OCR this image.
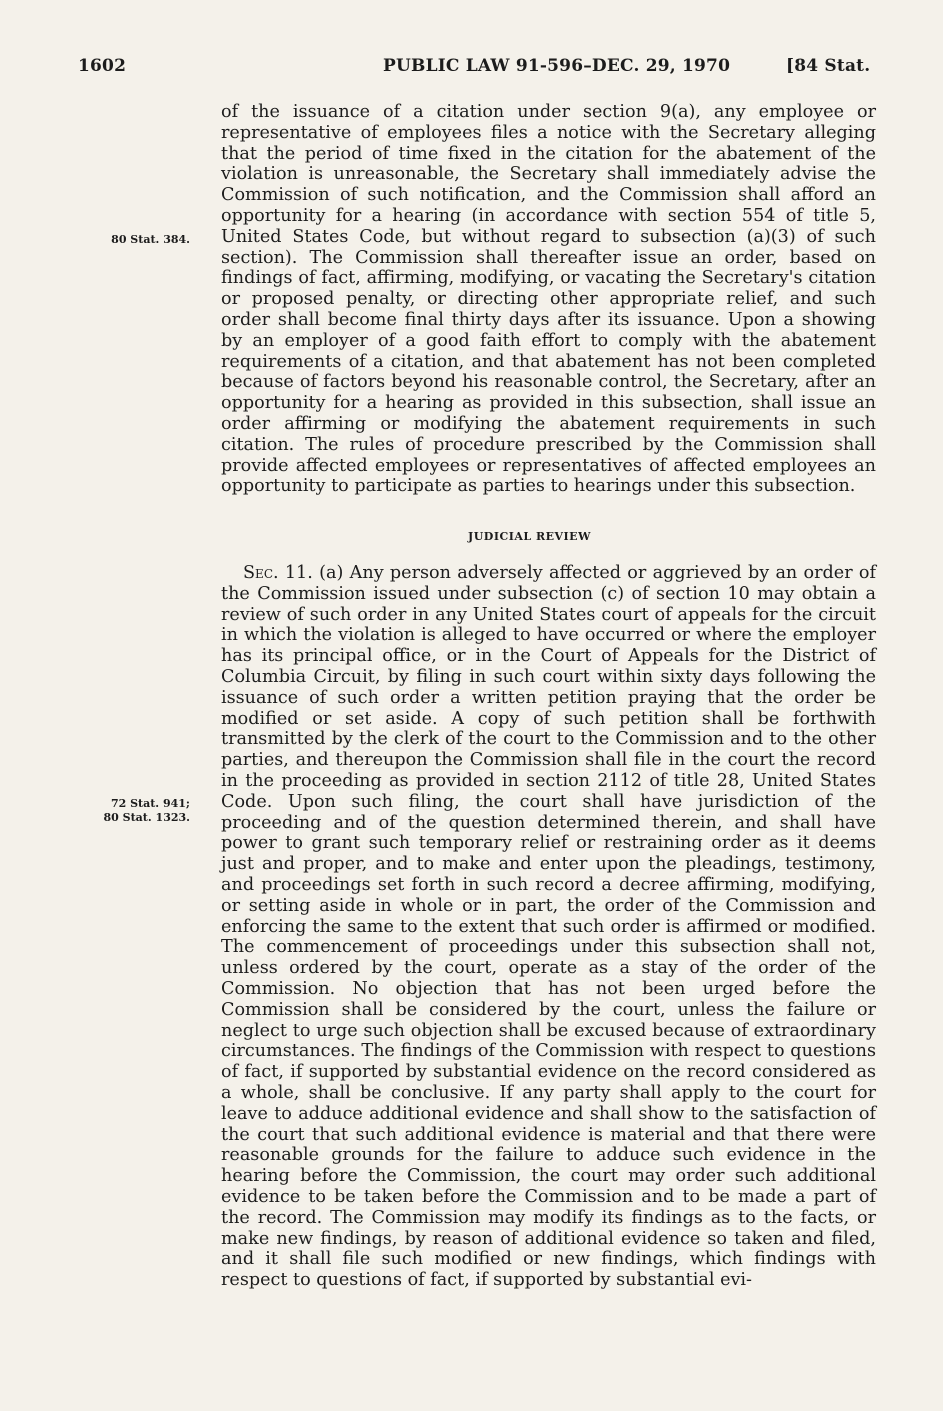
1602	PUBLIC LAW 91-596–DEC. 29, 1970	[84 Stat.
80 Stat. 384.
72 Stat. 941;
80 Stat. 1323.
of the issuance of a citation under section 9(a), any employee or representative of employees files a notice with the Secretary alleging that the period of time fixed in the citation for the abatement of the violation is unreasonable, the Secretary shall immediately advise the Commission of such notification, and the Commission shall afford an opportunity for a hearing (in accordance with section 554 of title 5, United States Code, but without regard to subsection (a)(3) of such section). The Commission shall thereafter issue an order, based on findings of fact, affirming, modifying, or vacating the Secretary's citation or proposed penalty, or directing other appropriate relief, and such order shall become final thirty days after its issuance. Upon a showing by an employer of a good faith effort to comply with the abatement requirements of a citation, and that abatement has not been completed because of factors beyond his reasonable control, the Secretary, after an opportunity for a hearing as provided in this subsection, shall issue an order affirming or modifying the abatement requirements in such citation. The rules of procedure prescribed by the Commission shall provide affected employees or representatives of affected employees an opportunity to participate as parties to hearings under this subsection.
JUDICIAL REVIEW
Sec. 11. (a) Any person adversely affected or aggrieved by an order of the Commission issued under subsection (c) of section 10 may obtain a review of such order in any United States court of appeals for the circuit in which the violation is alleged to have occurred or where the employer has its principal office, or in the Court of Appeals for the District of Columbia Circuit, by filing in such court within sixty days following the issuance of such order a written petition praying that the order be modified or set aside. A copy of such petition shall be forthwith transmitted by the clerk of the court to the Commission and to the other parties, and thereupon the Commission shall file in the court the record in the proceeding as provided in section 2112 of title 28, United States Code. Upon such filing, the court shall have jurisdiction of the proceeding and of the question determined therein, and shall have power to grant such temporary relief or restraining order as it deems just and proper, and to make and enter upon the pleadings, testimony, and proceedings set forth in such record a decree affirming, modifying, or setting aside in whole or in part, the order of the Commission and enforcing the same to the extent that such order is affirmed or modified. The commencement of proceedings under this subsection shall not, unless ordered by the court, operate as a stay of the order of the Commission. No objection that has not been urged before the Commission shall be considered by the court, unless the failure or neglect to urge such objection shall be excused because of extraordinary circumstances. The findings of the Commission with respect to questions of fact, if supported by substantial evidence on the record considered as a whole, shall be conclusive. If any party shall apply to the court for leave to adduce additional evidence and shall show to the satisfaction of the court that such additional evidence is material and that there were reasonable grounds for the failure to adduce such evidence in the hearing before the Commission, the court may order such additional evidence to be taken before the Commission and to be made a part of the record. The Commission may modify its findings as to the facts, or make new findings, by reason of additional evidence so taken and filed, and it shall file such modified or new findings, which findings with respect to questions of fact, if supported by substantial evi-
